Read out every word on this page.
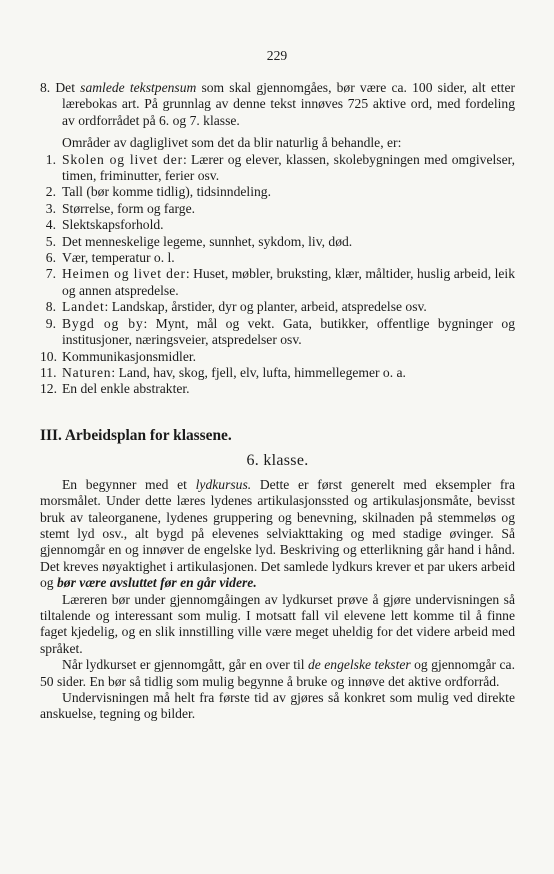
229

8. Det samlede tekstpensum som skal gjennomgåes, bør være ca. 100 sider, alt etter lærebokas art. På grunnlag av denne tekst innøves 725 aktive ord, med fordeling av ordforrådet på 6. og 7. klasse.

Områder av dagliglivet som det da blir naturlig å behandle, er:

1. Skolen og livet der: Lærer og elever, klassen, skolebygningen med omgivelser, timen, friminutter, ferier osv.
2. Tall (bør komme tidlig), tidsinndeling.
3. Størrelse, form og farge.
4. Slektskapsforhold.
5. Det menneskelige legeme, sunnhet, sykdom, liv, død.
6. Vær, temperatur o. l.
7. Heimen og livet der: Huset, møbler, bruksting, klær, måltider, huslig arbeid, leik og annen atspredelse.
8. Landet: Landskap, årstider, dyr og planter, arbeid, atspredelse osv.
9. Bygd og by: Mynt, mål og vekt. Gata, butikker, offentlige bygninger og institusjoner, næringsveier, atspredelser osv.
10. Kommunikasjonsmidler.
11. Naturen: Land, hav, skog, fjell, elv, lufta, himmellegemer o. a.
12. En del enkle abstrakter.
III. Arbeidsplan for klassene.
6. klasse.

En begynner med et lydkursus. Dette er først generelt med eksempler fra morsmålet. Under dette læres lydenes artikulasjonssted og artikulasjonsmåte, bevisst bruk av taleorganene, lydenes gruppering og benevning, skilnaden på stemmeløs og stemt lyd osv., alt bygd på elevenes selviakttaking og med stadige øvinger. Så gjennomgår en og innøver de engelske lyd. Beskriving og etterlikning går hand i hånd. Det kreves nøyaktighet i artikulasjonen. Det samlede lydkurs krever et par ukers arbeid og bør være avsluttet før en går videre.

Læreren bør under gjennomgåingen av lydkurset prøve å gjøre undervisningen så tiltalende og interessant som mulig. I motsatt fall vil elevene lett komme til å finne faget kjedelig, og en slik innstilling ville være meget uheldig for det videre arbeid med språket.

Når lydkurset er gjennomgått, går en over til de engelske tekster og gjennomgår ca. 50 sider. En bør så tidlig som mulig begynne å bruke og innøve det aktive ordforråd.

Undervisningen må helt fra første tid av gjøres så konkret som mulig ved direkte anskuelse, tegning og bilder.
